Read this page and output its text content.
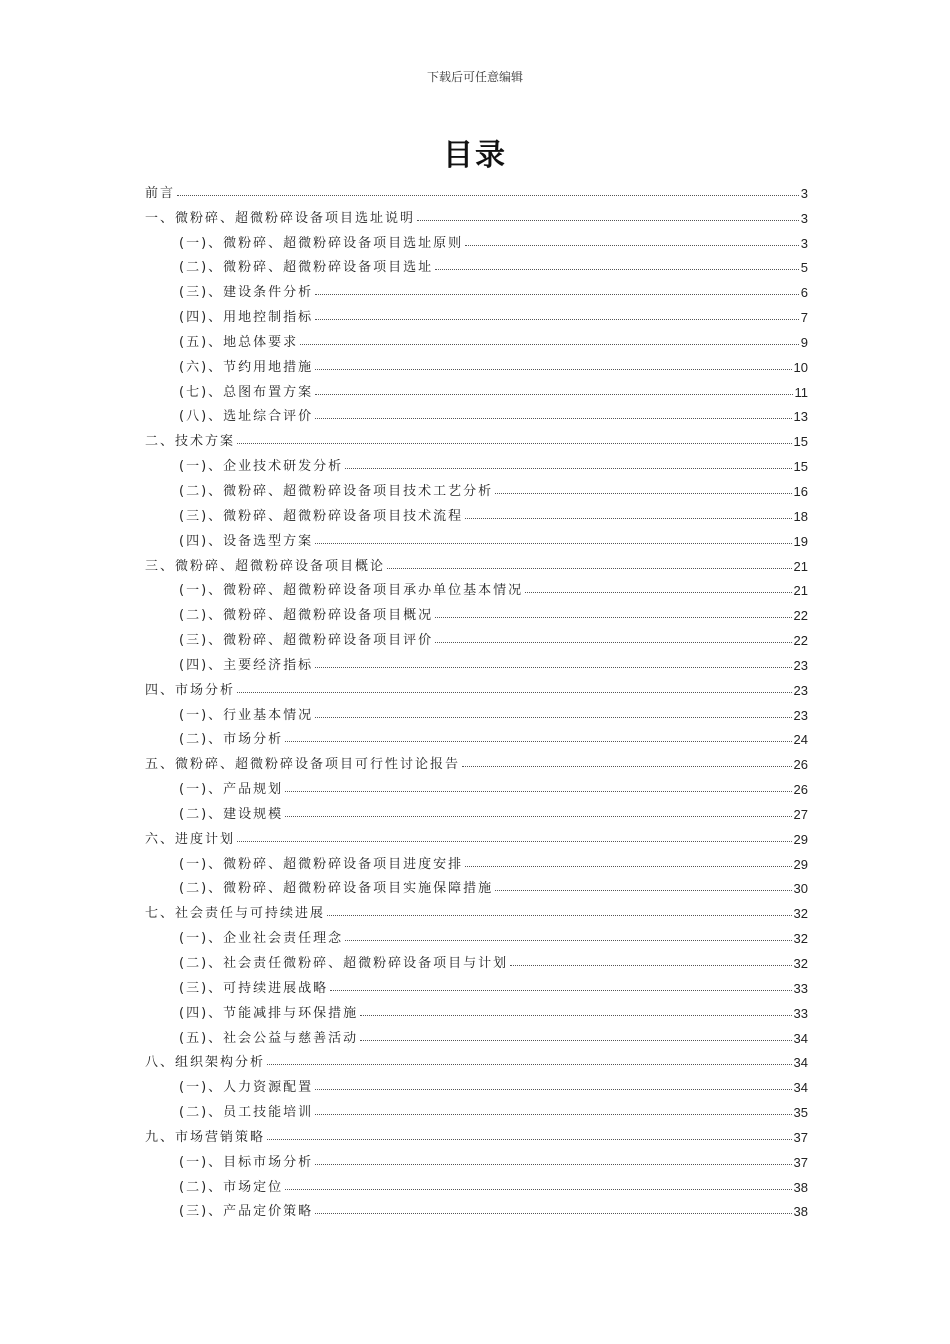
下载后可任意编辑
目录
前言	3
一、微粉碎、超微粉碎设备项目选址说明	3
(一)、微粉碎、超微粉碎设备项目选址原则	3
(二)、微粉碎、超微粉碎设备项目选址	5
(三)、建设条件分析	6
(四)、用地控制指标	7
(五)、地总体要求	9
(六)、节约用地措施	10
(七)、总图布置方案	11
(八)、选址综合评价	13
二、技术方案	15
(一)、企业技术研发分析	15
(二)、微粉碎、超微粉碎设备项目技术工艺分析	16
(三)、微粉碎、超微粉碎设备项目技术流程	18
(四)、设备选型方案	19
三、微粉碎、超微粉碎设备项目概论	21
(一)、微粉碎、超微粉碎设备项目承办单位基本情况	21
(二)、微粉碎、超微粉碎设备项目概况	22
(三)、微粉碎、超微粉碎设备项目评价	22
(四)、主要经济指标	23
四、市场分析	23
(一)、行业基本情况	23
(二)、市场分析	24
五、微粉碎、超微粉碎设备项目可行性讨论报告	26
(一)、产品规划	26
(二)、建设规模	27
六、进度计划	29
(一)、微粉碎、超微粉碎设备项目进度安排	29
(二)、微粉碎、超微粉碎设备项目实施保障措施	30
七、社会责任与可持续进展	32
(一)、企业社会责任理念	32
(二)、社会责任微粉碎、超微粉碎设备项目与计划	32
(三)、可持续进展战略	33
(四)、节能减排与环保措施	33
(五)、社会公益与慈善活动	34
八、组织架构分析	34
(一)、人力资源配置	34
(二)、员工技能培训	35
九、市场营销策略	37
(一)、目标市场分析	37
(二)、市场定位	38
(三)、产品定价策略	38
